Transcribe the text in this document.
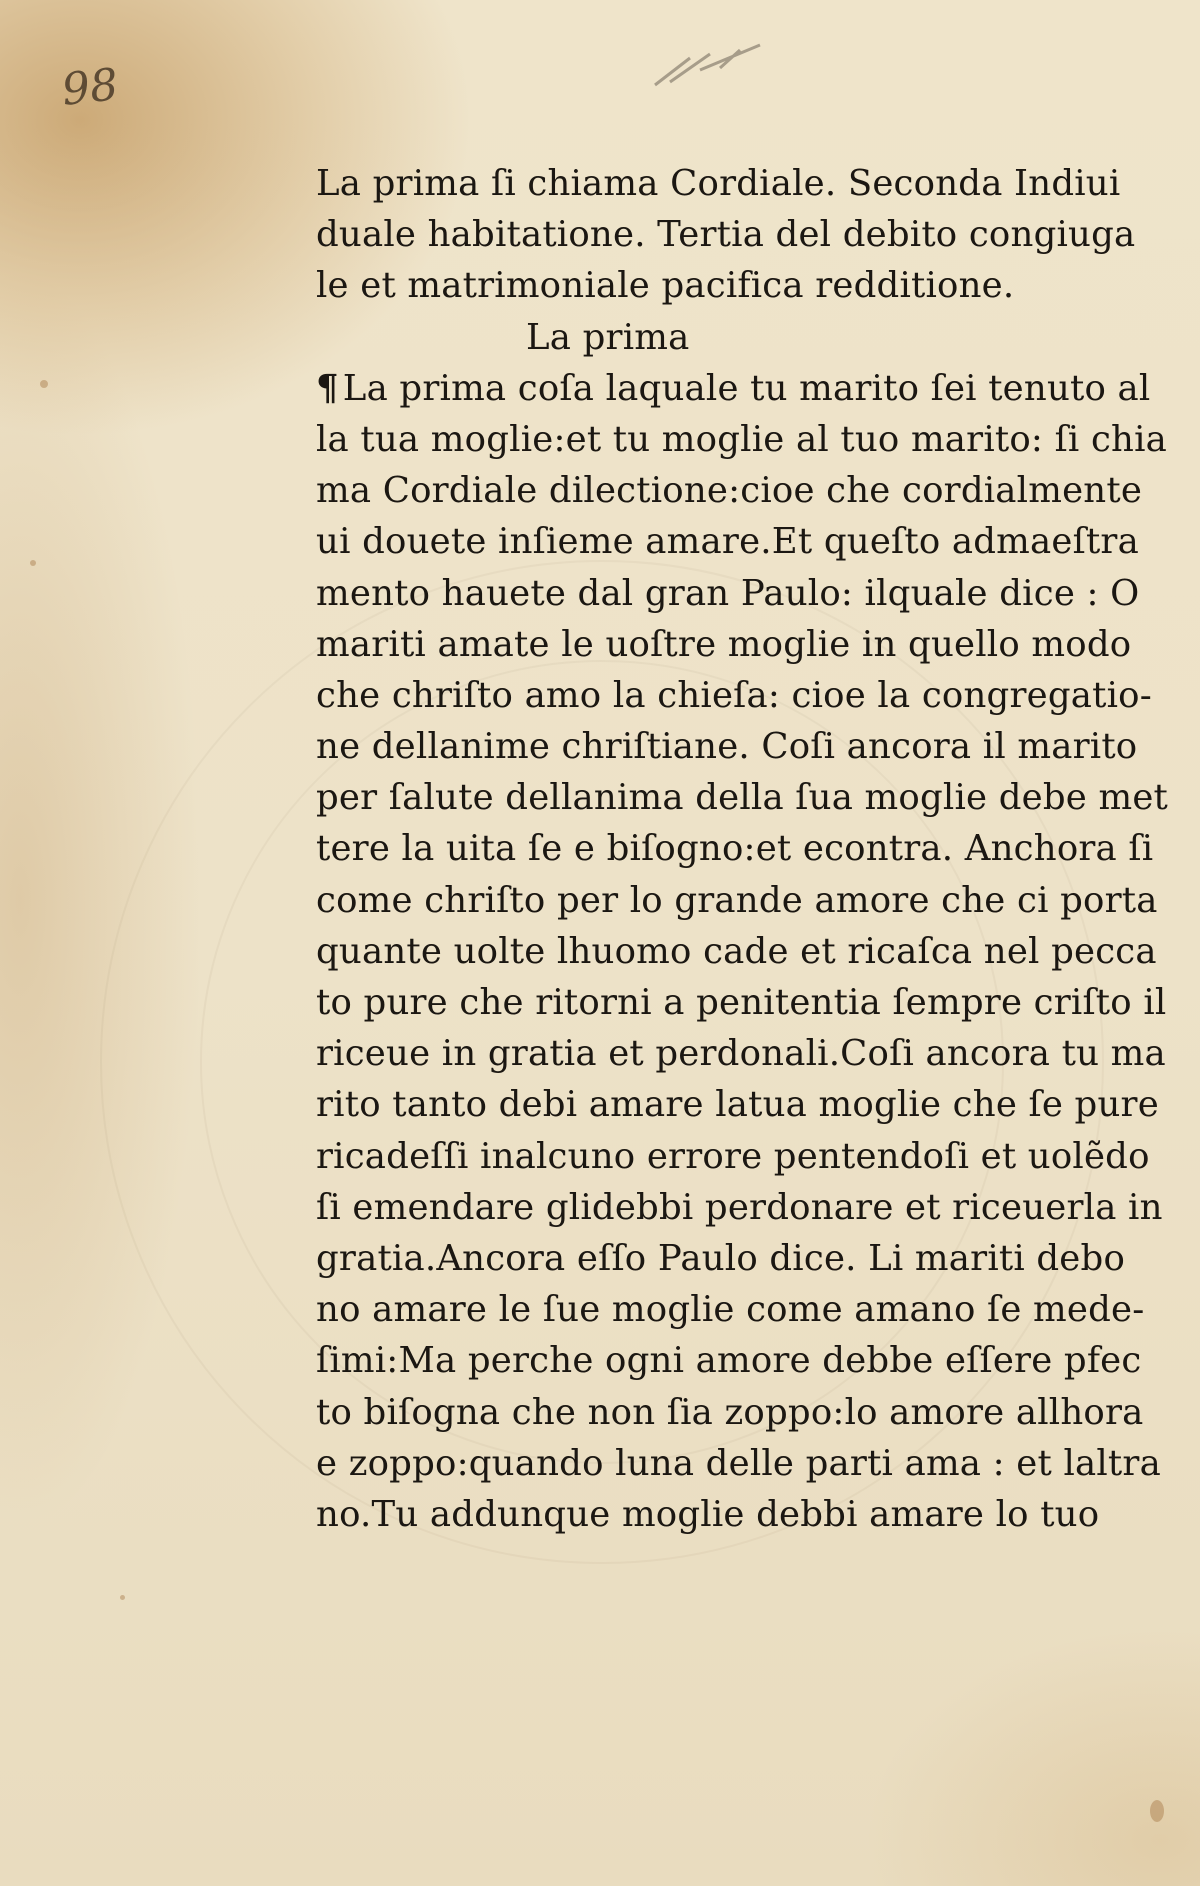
98
La prima ſi chiama Cordiale. Seconda Indiui
duale habitatione. Tertia del debito congiuga
le et matrimoniale pacifica redditione.
La prima
¶ La prima coſa laquale tu marito ſei tenuto al
la tua moglie:et tu moglie al tuo marito: ſi chia
ma Cordiale dilectione:cioe che cordialmente
ui douete inſieme amare.Et queſto admaeſtra
mento hauete dal gran Paulo: ilquale dice : O
mariti amate le uoſtre moglie in quello modo
che chriſto amo la chieſa: cioe la congregatio-
ne dellanime chriſtiane. Coſi ancora il marito
per ſalute dellanima della ſua moglie debe met
tere la uita ſe e biſogno:et econtra. Anchora ſi
come chriſto per lo grande amore che ci porta
quante uolte lhuomo cade et ricaſca nel pecca
to pure che ritorni a penitentia ſempre criſto il
riceue in gratia et perdonali.Coſi ancora tu ma
rito tanto debi amare latua moglie che ſe pure
ricadeſſi inalcuno errore pentendoſi et uolẽdo
ſi emendare glidebbi perdonare et riceuerla in
gratia.Ancora eſſo Paulo dice. Li mariti debo
no amare le ſue moglie come amano ſe mede-
ſimi:Ma perche ogni amore debbe eſſere pfec
to biſogna che non ſia zoppo:lo amore allhora
e zoppo:quando luna delle parti ama : et laltra
no.Tu addunque moglie debbi amare lo tuo
